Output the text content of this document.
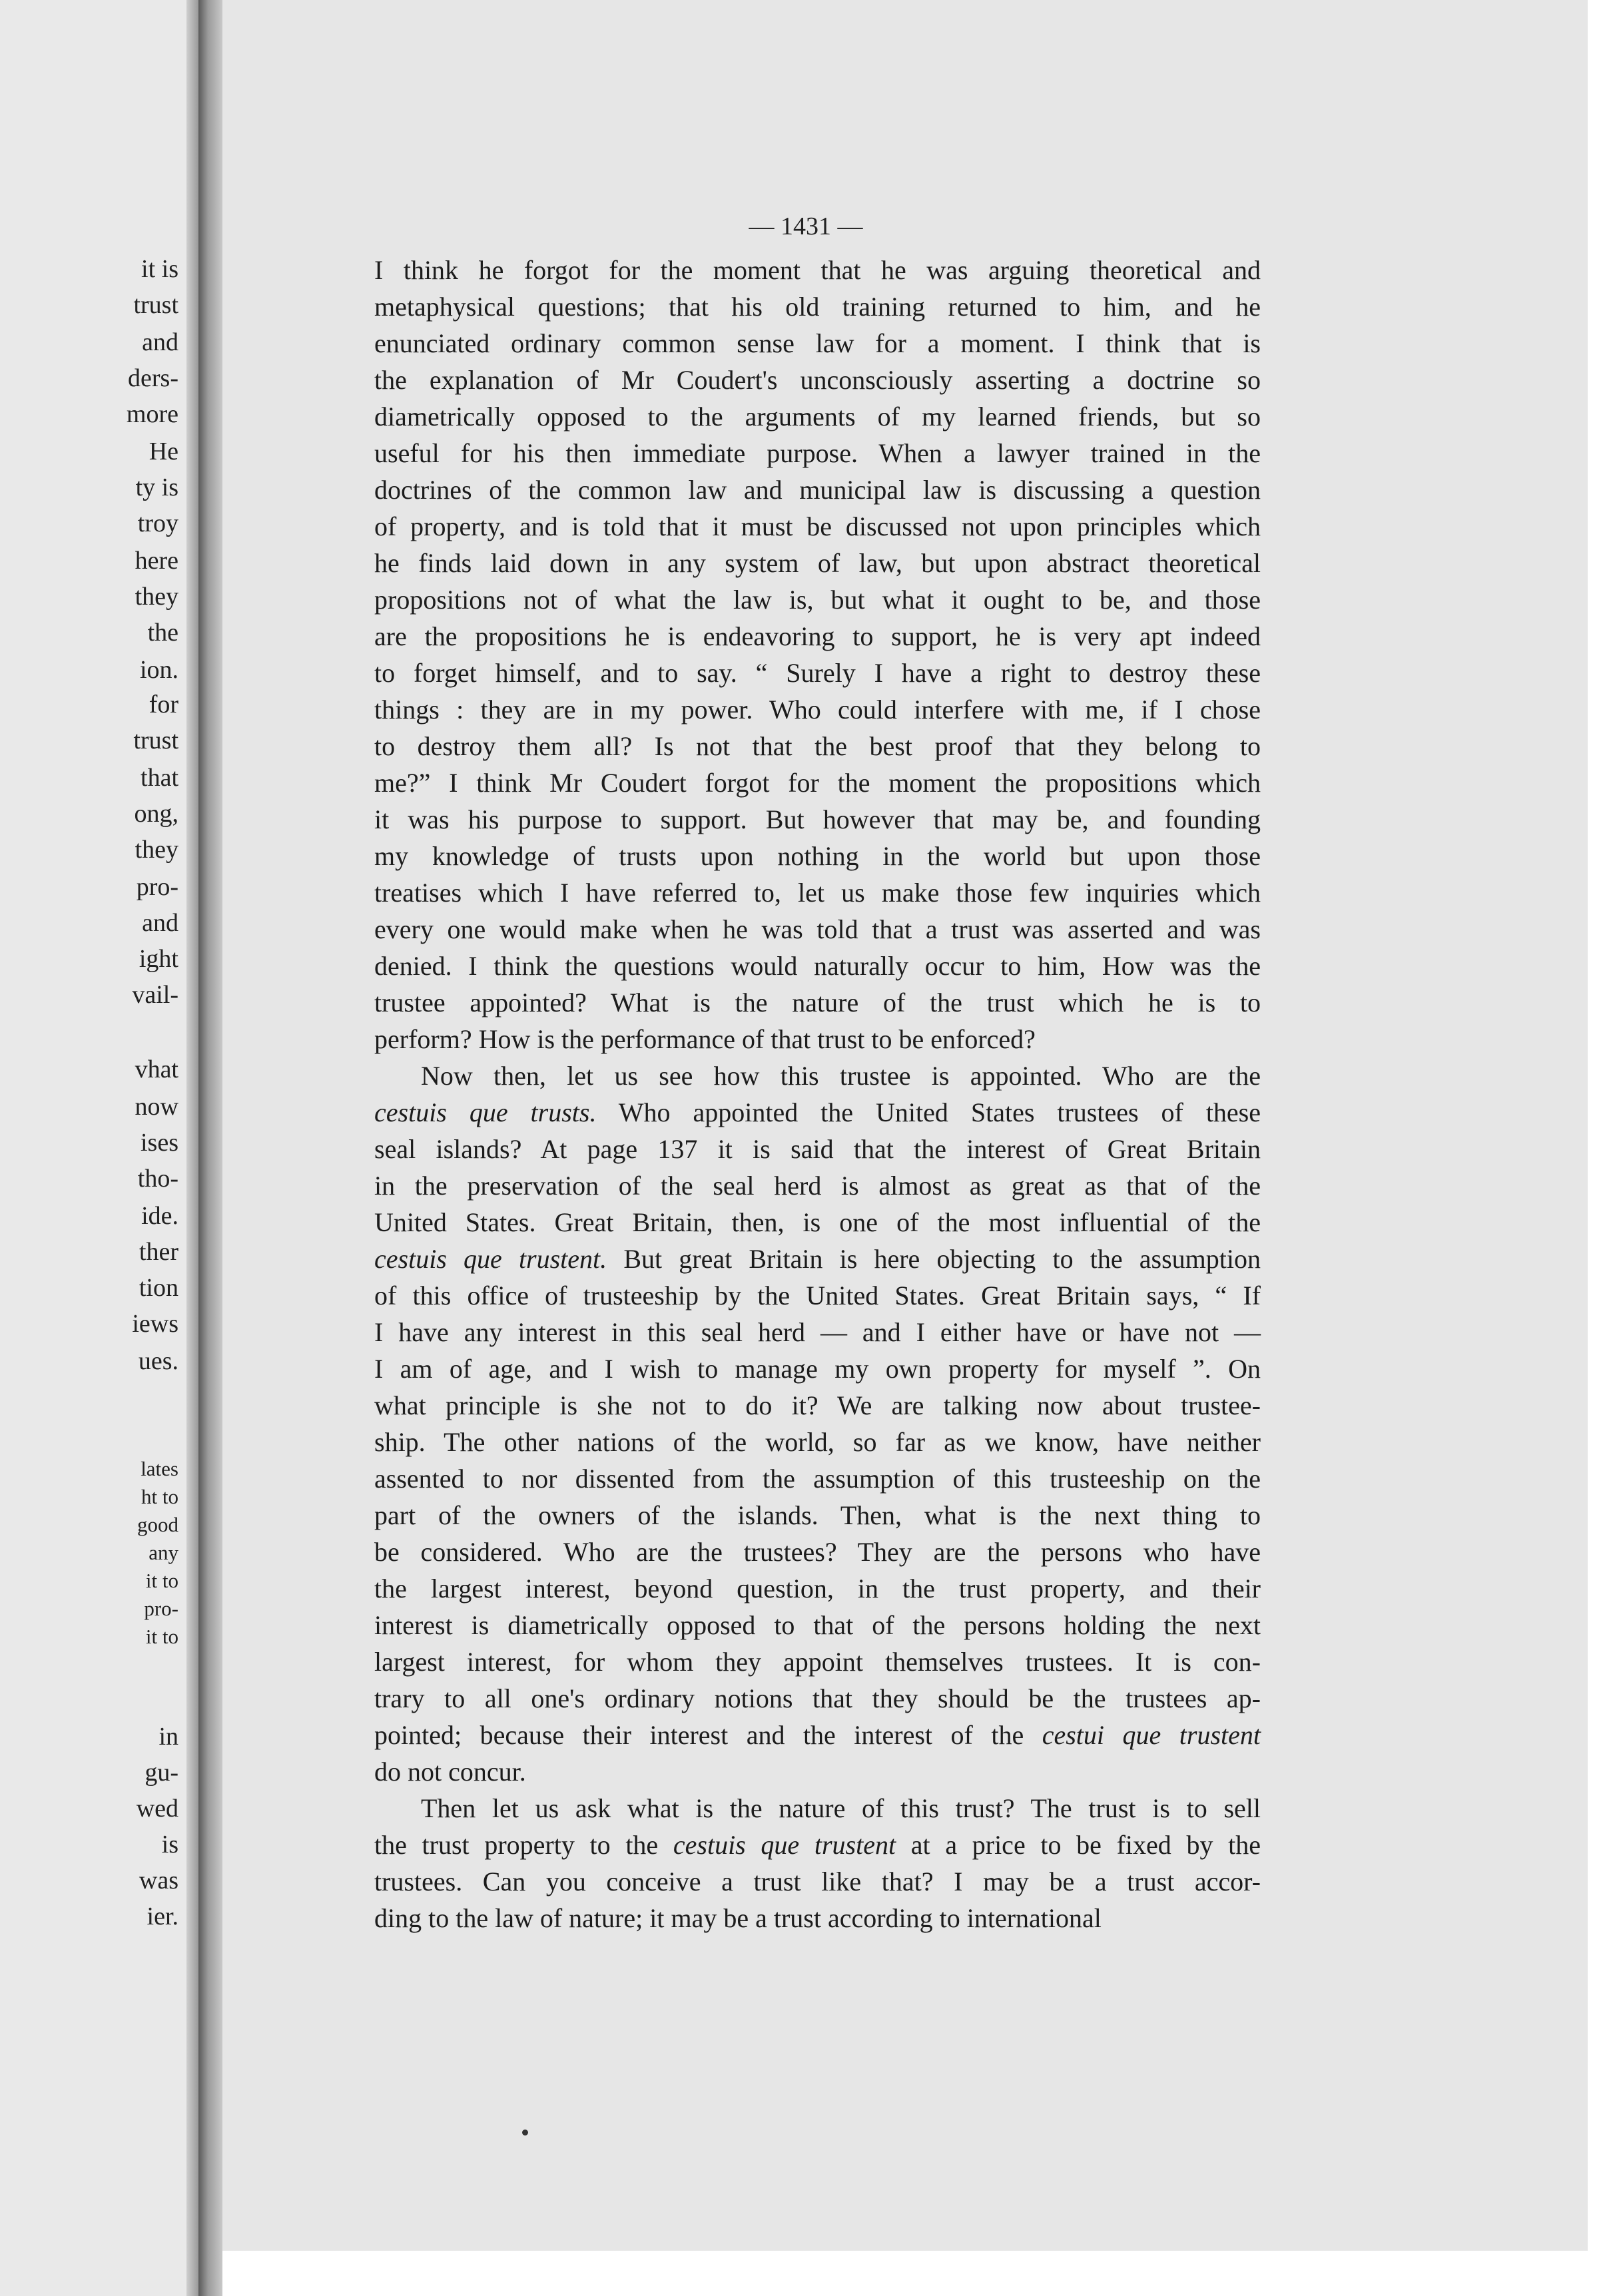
it is

trust

and

ders-

more

He

ty is

troy

here

they

the

ion.

for

trust

that

ong,

they

pro-

and

ight

vail-

vhat

now

ises

tho-

ide.

ther

tion

iews

ues.

lates

ht to

good

any

it to

pro-

it to

in

gu-

wed

is

was

ier.

— 1431 —

I think he forgot for the moment that he was arguing theoretical and
metaphysical questions; that his old training returned to him, and he
enunciated ordinary common sense law for a moment. I think that is
the explanation of Mr Coudert's unconsciously asserting a doctrine so
diametrically opposed to the arguments of my learned friends, but so
useful for his then immediate purpose. When a lawyer trained in the
doctrines of the common law and municipal law is discussing a question
of property, and is told that it must be discussed not upon principles which
he finds laid down in any system of law, but upon abstract theoretical
propositions not of what the law is, but what it ought to be, and those
are the propositions he is endeavoring to support, he is very apt indeed
to forget himself, and to say. “ Surely I have a right to destroy these
things : they are in my power. Who could interfere with me, if I chose
to destroy them all? Is not that the best proof that they belong to
me?” I think Mr Coudert forgot for the moment the propositions which
it was his purpose to support. But however that may be, and founding
my knowledge of trusts upon nothing in the world but upon those
treatises which I have referred to, let us make those few inquiries which
every one would make when he was told that a trust was asserted and was
denied. I think the questions would naturally occur to him, How was the
trustee appointed? What is the nature of the trust which he is to
perform? How is the performance of that trust to be enforced?

Now then, let us see how this trustee is appointed. Who are the
cestuis que trusts. Who appointed the United States trustees of these
seal islands? At page 137 it is said that the interest of Great Britain
in the preservation of the seal herd is almost as great as that of the
United States. Great Britain, then, is one of the most influential of the
cestuis que trustent. But great Britain is here objecting to the assumption
of this office of trusteeship by the United States. Great Britain says, “ If
I have any interest in this seal herd — and I either have or have not —
I am of age, and I wish to manage my own property for myself ”. On
what principle is she not to do it? We are talking now about trustee-
ship. The other nations of the world, so far as we know, have neither
assented to nor dissented from the assumption of this trusteeship on the
part of the owners of the islands. Then, what is the next thing to
be considered. Who are the trustees? They are the persons who have
the largest interest, beyond question, in the trust property, and their
interest is diametrically opposed to that of the persons holding the next
largest interest, for whom they appoint themselves trustees. It is con-
trary to all one's ordinary notions that they should be the trustees ap-
pointed; because their interest and the interest of the cestui que trustent
do not concur.

Then let us ask what is the nature of this trust? The trust is to sell
the trust property to the cestuis que trustent at a price to be fixed by the
trustees. Can you conceive a trust like that? I may be a trust accor-
ding to the law of nature; it may be a trust according to international
